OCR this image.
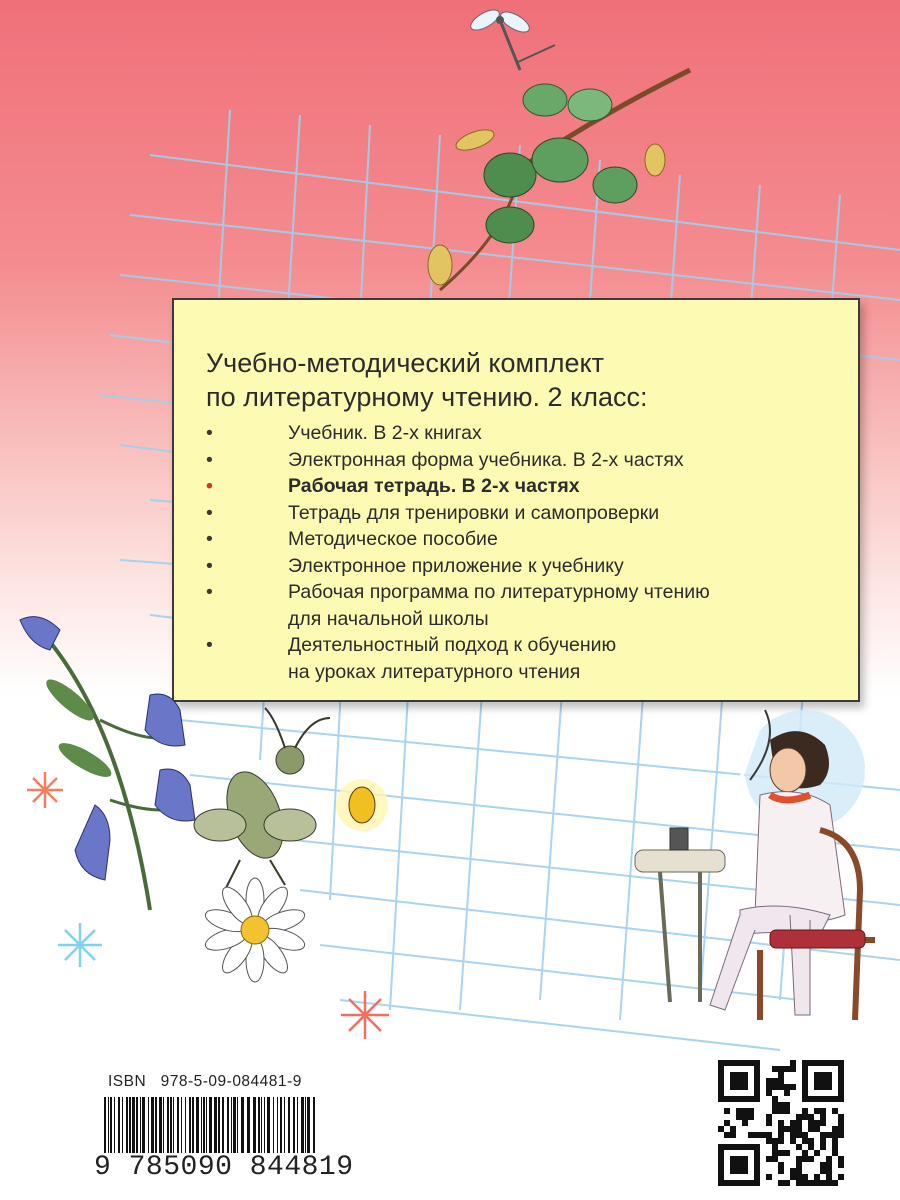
Учебно-методический комплект
по литературному чтению. 2 класс:
•	Учебник. В 2-х книгах
•	Электронная форма учебника. В 2-х частях
•	Рабочая тетрадь. В 2-х частях
•	Тетрадь для тренировки и самопроверки
•	Методическое пособие
•	Электронное приложение к учебнику
•	Рабочая программа по литературному чтению
для начальной школы
•	Деятельностный подход к обучению
на уроках литературного чтения
ISBN 978-5-09-084481-9
9 785090 844819
